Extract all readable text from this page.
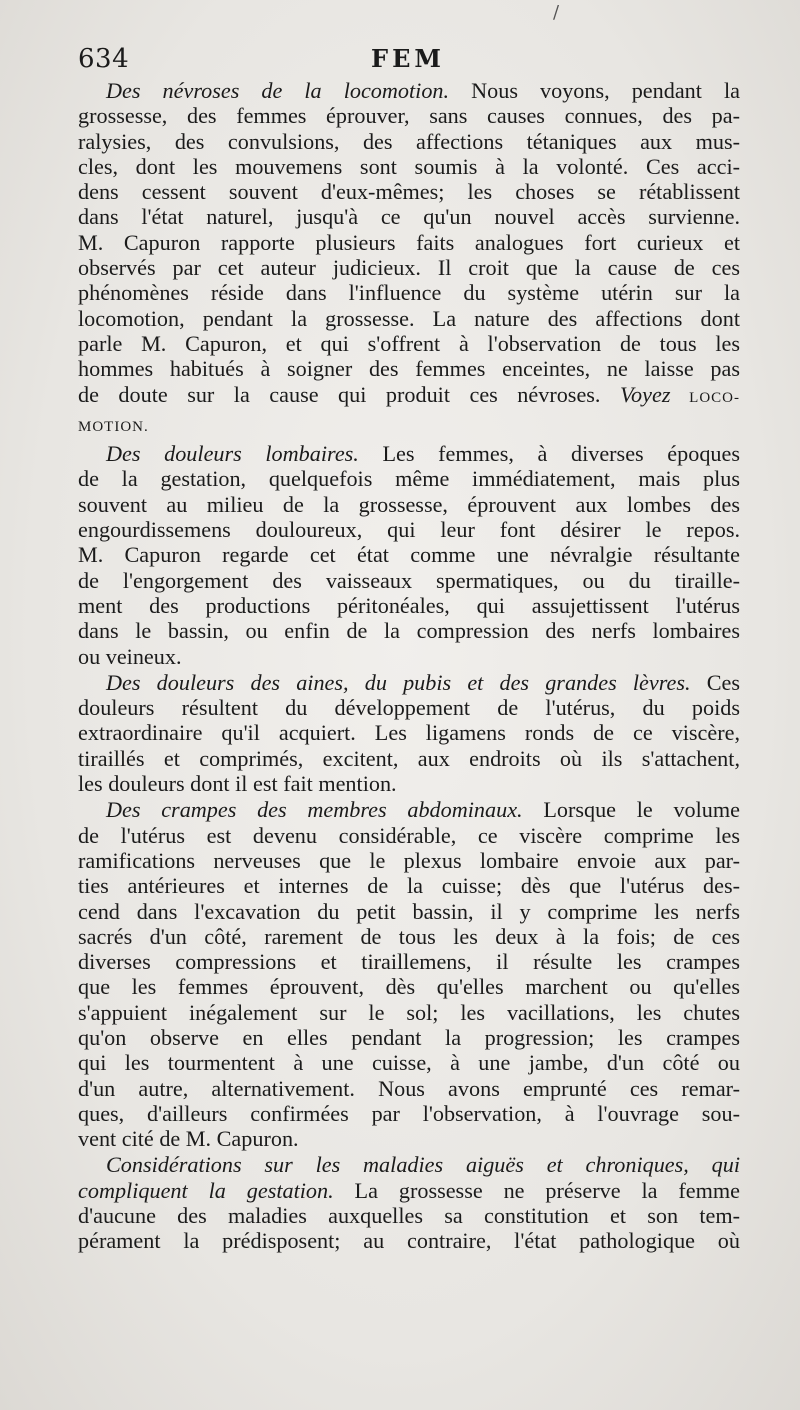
634	FEM
Des névroses de la locomotion. Nous voyons, pendant la
grossesse, des femmes éprouver, sans causes connues, des pa-
ralysies, des convulsions, des affections tétaniques aux mus-
cles, dont les mouvemens sont soumis à la volonté. Ces acci-
dens cessent souvent d'eux-mêmes; les choses se rétablissent
dans l'état naturel, jusqu'à ce qu'un nouvel accès survienne.
M. Capuron rapporte plusieurs faits analogues fort curieux et
observés par cet auteur judicieux. Il croit que la cause de ces
phénomènes réside dans l'influence du système utérin sur la
locomotion, pendant la grossesse. La nature des affections dont
parle M. Capuron, et qui s'offrent à l'observation de tous les
hommes habitués à soigner des femmes enceintes, ne laisse pas
de doute sur la cause qui produit ces névroses. Voyez LOCO-
MOTION.
Des douleurs lombaires. Les femmes, à diverses époques
de la gestation, quelquefois même immédiatement, mais plus
souvent au milieu de la grossesse, éprouvent aux lombes des
engourdissemens douloureux, qui leur font désirer le repos.
M. Capuron regarde cet état comme une névralgie résultante
de l'engorgement des vaisseaux spermatiques, ou du tiraille-
ment des productions péritonéales, qui assujettissent l'utérus
dans le bassin, ou enfin de la compression des nerfs lombaires
ou veineux.
Des douleurs des aines, du pubis et des grandes lèvres. Ces
douleurs résultent du développement de l'utérus, du poids
extraordinaire qu'il acquiert. Les ligamens ronds de ce viscère,
tiraillés et comprimés, excitent, aux endroits où ils s'attachent,
les douleurs dont il est fait mention.
Des crampes des membres abdominaux. Lorsque le volume
de l'utérus est devenu considérable, ce viscère comprime les
ramifications nerveuses que le plexus lombaire envoie aux par-
ties antérieures et internes de la cuisse; dès que l'utérus des-
cend dans l'excavation du petit bassin, il y comprime les nerfs
sacrés d'un côté, rarement de tous les deux à la fois; de ces
diverses compressions et tiraillemens, il résulte les crampes
que les femmes éprouvent, dès qu'elles marchent ou qu'elles
s'appuient inégalement sur le sol; les vacillations, les chutes
qu'on observe en elles pendant la progression; les crampes
qui les tourmentent à une cuisse, à une jambe, d'un côté ou
d'un autre, alternativement. Nous avons emprunté ces remar-
ques, d'ailleurs confirmées par l'observation, à l'ouvrage sou-
vent cité de M. Capuron.
Considérations sur les maladies aiguës et chroniques, qui
compliquent la gestation. La grossesse ne préserve la femme
d'aucune des maladies auxquelles sa constitution et son tem-
pérament la prédisposent; au contraire, l'état pathologique où
/
